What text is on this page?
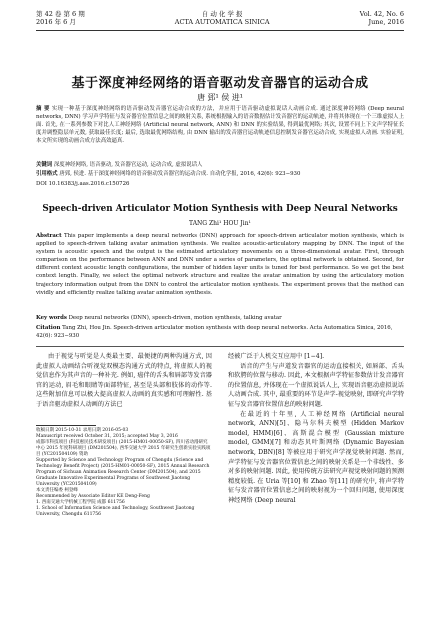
第 42 卷 第 6 期	自 动 化 学 报	Vol. 42, No. 6
2016 年 6 月	ACTA AUTOMATICA SINICA	June, 2016
基于深度神经网络的语音驱动发音器官的运动合成
唐 郅¹ 侯 进¹
摘 要 实现一种基于深度神经网络的语音驱动发音器官运动合成的方法，并应用于语音驱动虚拟说话人动画合成. 通过深度神经网络 (Deep neural networks, DNN) 学习声学特征与发音器官位置信息之间的映射关系, 系统根据输入的语音数据估计发音器官的运动轨迹, 并将其体现在一个三维虚拟人上面. 首先, 在一系列参数下对比人工神经网络 (Artificial neural network, ANN) 和 DNN 的实验结果, 得到最优网络; 其次, 设置不同上下文声学特征长度并调整隐层单元数, 获取最佳长度; 最后, 选取最优网络结构, 由 DNN 输出的发音器官运动轨迹信息控制发音器官运动合成, 实现虚拟人动画. 实验证明, 本文所实现的动画合成方法高效逼真.
关键词 深度神经网络, 语音驱动, 发音器官运动, 运动合成, 虚拟说话人
引用格式 唐郅, 侯进. 基于深度神经网络的语音驱动发音器官的运动合成. 自动化学报, 2016, 42(6): 923−930
DOI 10.16383/j.aas.2016.c150726
Speech-driven Articulator Motion Synthesis with Deep Neural Networks
TANG Zhi¹ HOU Jin¹
Abstract This paper implements a deep neural networks (DNN) approach for speech-driven articulator motion synthesis, which is applied to speech-driven talking avatar animation synthesis. We realize acoustic-articulatory mapping by DNN. The input of the system is acoustic speech and the output is the estimated articulatory movements on a three-dimensional avatar. First, through comparison on the performance between ANN and DNN under a series of parameters, the optimal network is obtained. Second, for different context acoustic length configurations, the number of hidden layer units is tuned for best performance. So we get the best context length. Finally, we select the optimal network structure and realize the avatar animation by using the articulatory motion trajectory information output from the DNN to control the articulator motion synthesis. The experiment proves that the method can vividly and efficiently realize talking avatar animation synthesis.
Key words Deep neural networks (DNN), speech-driven, motion synthesis, talking avatar
Citation Tang Zhi, Hou Jin. Speech-driven articulator motion synthesis with deep neural networks. Acta Automatica Sinica, 2016, 42(6): 923−930

由于视觉与听觉是人类最主要、最便捷的两种沟通方式, 因此虚拟人动画结合听视觉双模态沟通方式的特点, 将虚拟人的视觉信息作为其声音的一种补充. 例如, 癌伴的舌头和唇部等发音器官的运动, 眉毛和眼睛等面部特征, 甚至是头部和肢体的动作等. 这些附加信息可以极大提高虚拟人动画的真实感和可理解性. 基于语音驱动虚拟人动画的方法已

收稿日期 2015-10-31 录用日期 2016-05-03
Manuscript received October 31, 2015; accepted May 3, 2016
成都市科技项目 (科技惠民技术研发项目) (2015-HM01-00050-SF), 四川省动漫研究中心 2015 年度科研项目 (DM201504), 西华交通大学 2015 年研究生创新实验实践项目 (YC201504109) 资助
Supported by Science and Technology Program of Chengdu (Science and Technology Benefit Project) (2015-HM01-00050-SF), 2015 Annual Research Program of Sichuan Animation Research Center (DM201504), and 2015 Graduate Innovative Experimental Programs of Southwest Jiaotong University (YC201504109)
本文责任编委 柯登峰
Recommended by Associate Editor KE Deng-Feng
1. 西南交通大学机械工程学院 成都 611756
1. School of Information Science and Technology, Southwest Jiaotong University, Chengdu 611756

经被广泛于人机交互应用中 [1−4].

语音的产生与声道发音器官的运动直接相关, 如唇部、舌头和软腭的位置与移动. 因此, 本文根据声学特征参数估计发音器官的位置信息, 并体现在一个虚拟说话人上, 实现语音驱动虚拟说话人动画合成. 其中, 最重要的环节是声学-视觉映射, 即研究声学特征与发音器官位置信息的映射问题.

在最近的十年里, 人工神经网络 (Artificial neural network, ANN)[5]、隐马尔科夫模型 (Hidden Markov model, HMM)[6]、高斯混合模型 (Gaussian mixture model, GMM)[7] 和动态贝叶斯网络 (Dynamic Bayesian network, DBN)[8] 等被应用于研究声学视觉映射问题. 然而, 声学特征与发音器官位置信息之间的映射关系是一个非线性、多对多的映射问题. 因此, 使用传统方法研究声视觉映射问题的预测精度较低. 在 Uria 等[10] 和 Zhao 等[11] 的研究中, 将声学特征与发音器官位置信息之间的映射视为一个回归问题, 使用深度神经网络 (Deep neural
